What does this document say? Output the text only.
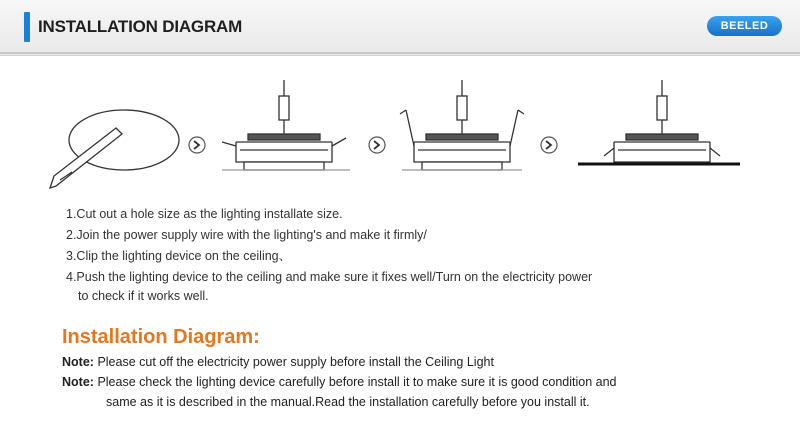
INSTALLATION DIAGRAM	BEELED
1.Cut out a hole size as the lighting installate size.
2.Join the power supply wire with the lighting's and make it firmly/
3.Clip the lighting device on the ceiling、
4.Push the lighting device to the ceiling and make sure it fixes well/Turn on the electricity power
to check if it works well.
Installation Diagram:
Note: Please cut off the electricity power supply before install the Ceiling Light
Note: Please check the lighting device carefully before install it to make sure it is good condition and
same as it is described in the manual.Read the installation carefully before you install it.
